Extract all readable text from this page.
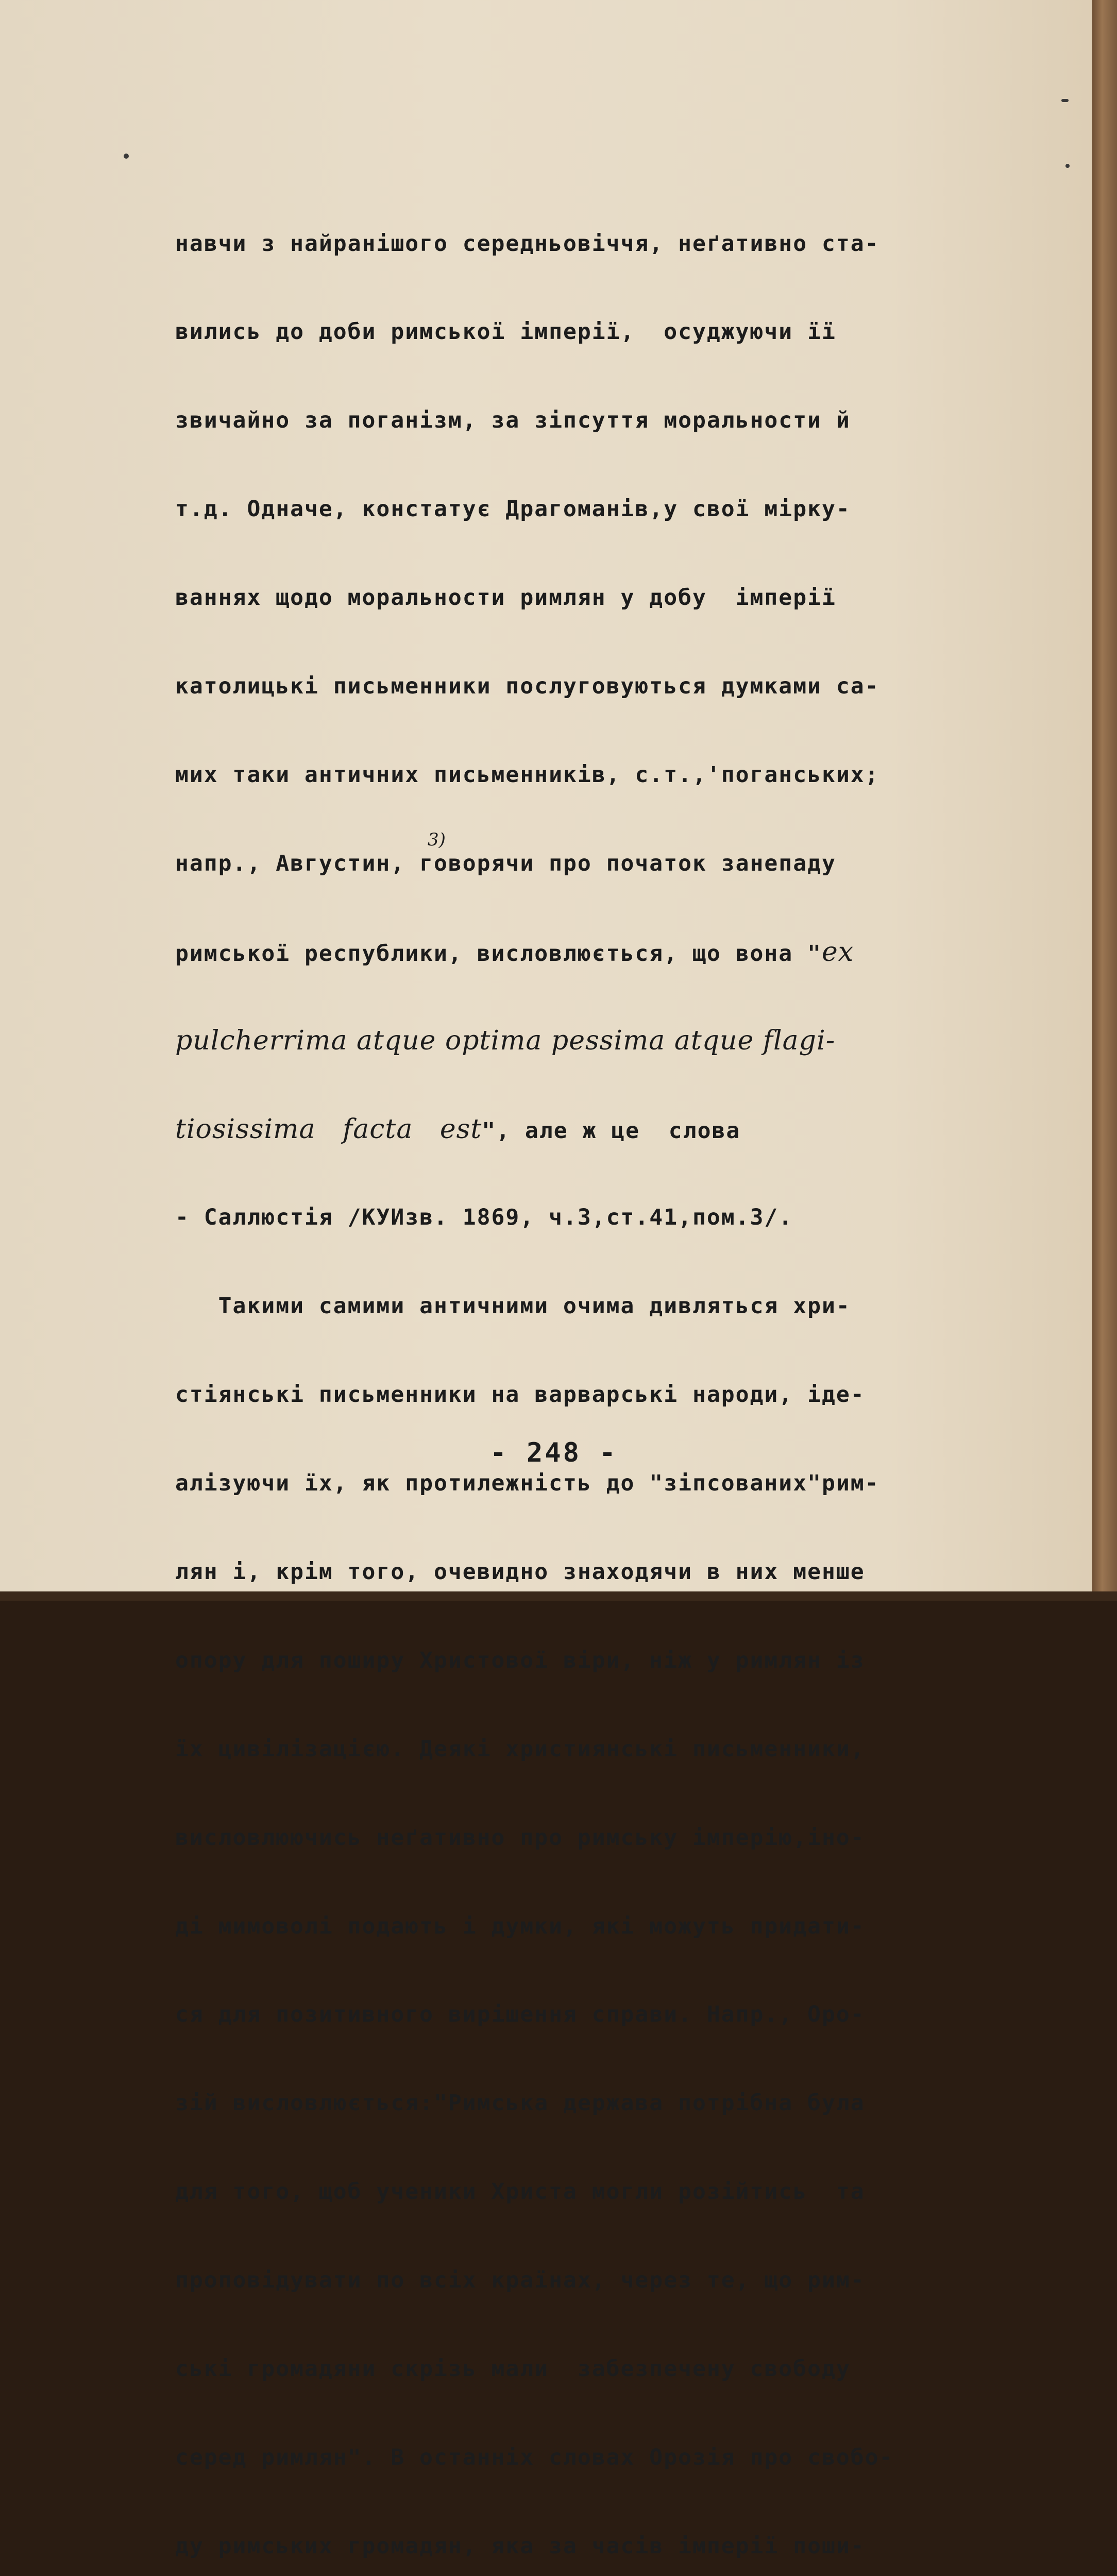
навчи з найранішого середньовіччя, неґативно ста-

вились до доби римської імперії,  осуджуючи її

звичайно за поганізм, за зіпсуття моральности й

т.д. Одначе, констатує Драгоманів,у свої мірку-

ваннях щодо моральности римлян у добу  імперії

католицькі письменники послуговуються думками са-

мих таки античних письменників, с.т.,'поганських;

напр., Августин, говорячи про початок занепаду

римської республики, висловлюється, що вона "ex

pulcherrima atque optima pessima atque flagi-

tiosissima   facta   est", але ж це  слова

- Саллюстія /КУИзв. 1869, ч.3,ст.41,пом.3/.

Такими самими античними очима дивляться хри-

стіянські письменники на варварські народи, іде-

алізуючи їх, як протилежність до "зіпсованих"рим-

лян і, крім того, очевидно знаходячи в них менше

опору для поширу Христової віри, ніж у римлян із

їх цивілізацією. Деякі християнські письменники,

висловлюючись неґативно про римську імперію,іно-

ді мимоволі подають і думки, які можуть придати-

ся для позитивного вирішення справи. Напр., Оро-

зій висловлюється:"Римська держава потрібна була

для того, щоб ученики Христа могли розійтись  та

проповідувати по всіх країнах, через те, що рим-

ські громадяни скрізь мали  забезпечену свободу

серед римлян". В останніх словах Орозія про свобо-

ду римських громадян, яка за часів імперії поши-

3)
- 248 -
